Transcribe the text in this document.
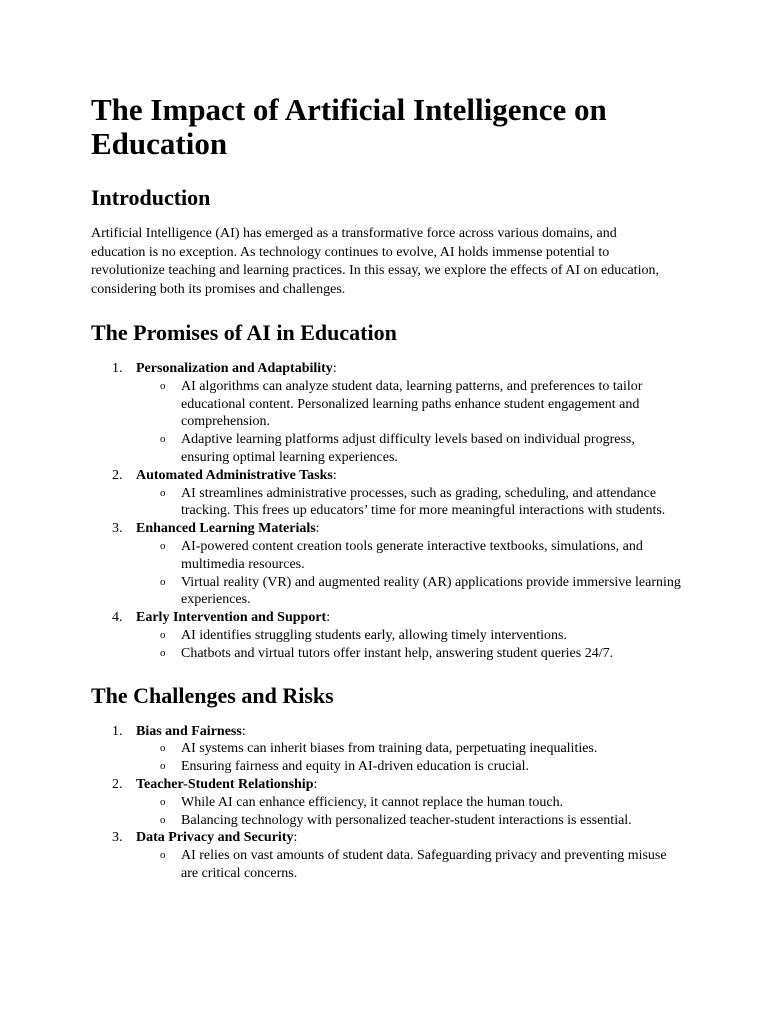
The Impact of Artificial Intelligence on Education
Introduction

Artificial Intelligence (AI) has emerged as a transformative force across various domains, and education is no exception. As technology continues to evolve, AI holds immense potential to revolutionize teaching and learning practices. In this essay, we explore the effects of AI on education, considering both its promises and challenges.

The Promises of AI in Education
1. Personalization and Adaptability:
o AI algorithms can analyze student data, learning patterns, and preferences to tailor educational content. Personalized learning paths enhance student engagement and comprehension.
o Adaptive learning platforms adjust difficulty levels based on individual progress, ensuring optimal learning experiences.
2. Automated Administrative Tasks:
o AI streamlines administrative processes, such as grading, scheduling, and attendance tracking. This frees up educators’ time for more meaningful interactions with students.
3. Enhanced Learning Materials:
o AI-powered content creation tools generate interactive textbooks, simulations, and multimedia resources.
o Virtual reality (VR) and augmented reality (AR) applications provide immersive learning experiences.
4. Early Intervention and Support:
o AI identifies struggling students early, allowing timely interventions.
o Chatbots and virtual tutors offer instant help, answering student queries 24/7.
The Challenges and Risks
1. Bias and Fairness:
o AI systems can inherit biases from training data, perpetuating inequalities.
o Ensuring fairness and equity in AI-driven education is crucial.
2. Teacher-Student Relationship:
o While AI can enhance efficiency, it cannot replace the human touch.
o Balancing technology with personalized teacher-student interactions is essential.
3. Data Privacy and Security:
o AI relies on vast amounts of student data. Safeguarding privacy and preventing misuse are critical concerns.
